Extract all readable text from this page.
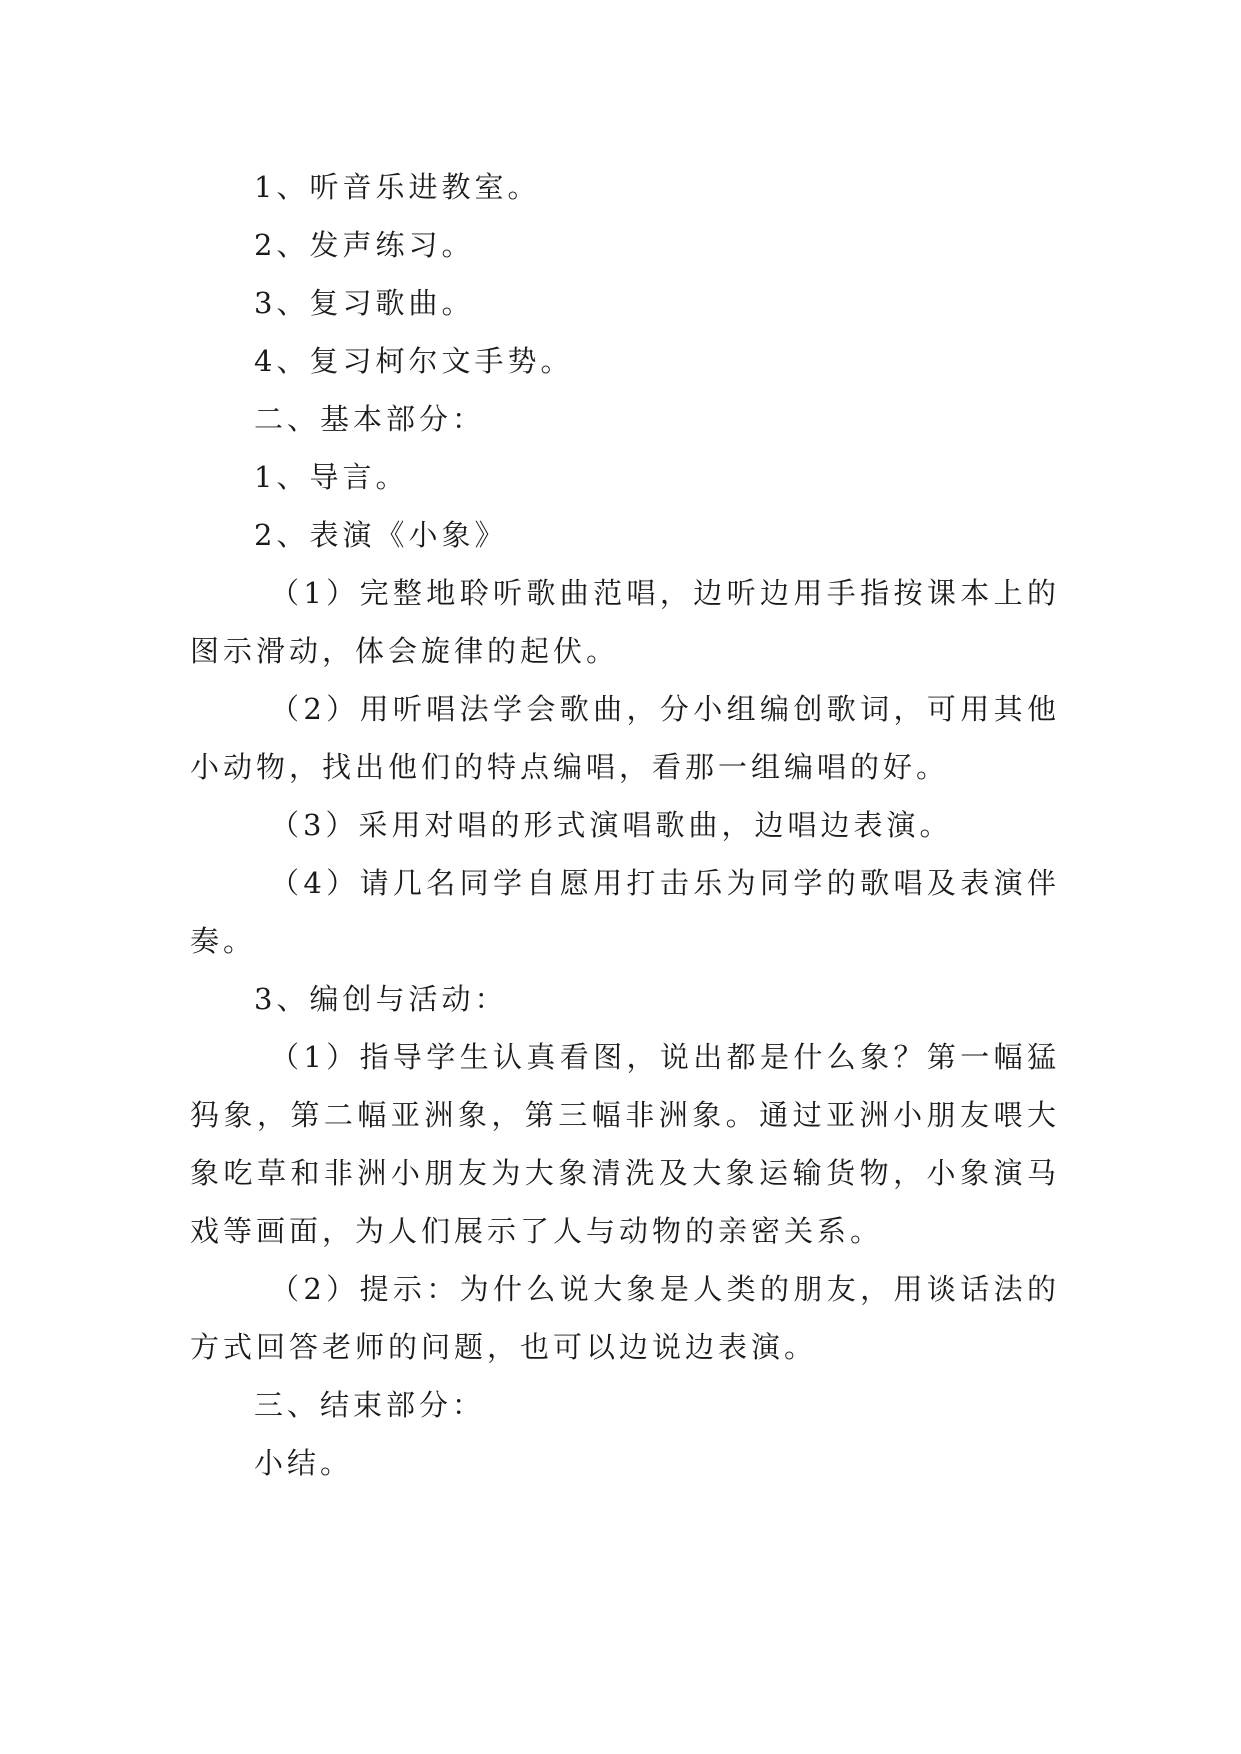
1、听音乐进教室。

2、发声练习。

3、复习歌曲。

4、复习柯尔文手势。

二、基本部分：

1、导言。

2、表演《小象》

（1）完整地聆听歌曲范唱，边听边用手指按课本上的图示滑动，体会旋律的起伏。

（2）用听唱法学会歌曲，分小组编创歌词，可用其他小动物，找出他们的特点编唱，看那一组编唱的好。

（3）采用对唱的形式演唱歌曲，边唱边表演。

（4）请几名同学自愿用打击乐为同学的歌唱及表演伴奏。

3、编创与活动：

（1）指导学生认真看图，说出都是什么象？第一幅猛犸象，第二幅亚洲象，第三幅非洲象。通过亚洲小朋友喂大象吃草和非洲小朋友为大象清洗及大象运输货物，小象演马戏等画面，为人们展示了人与动物的亲密关系。

（2）提示：为什么说大象是人类的朋友，用谈话法的方式回答老师的问题，也可以边说边表演。

三、结束部分：

小结。
